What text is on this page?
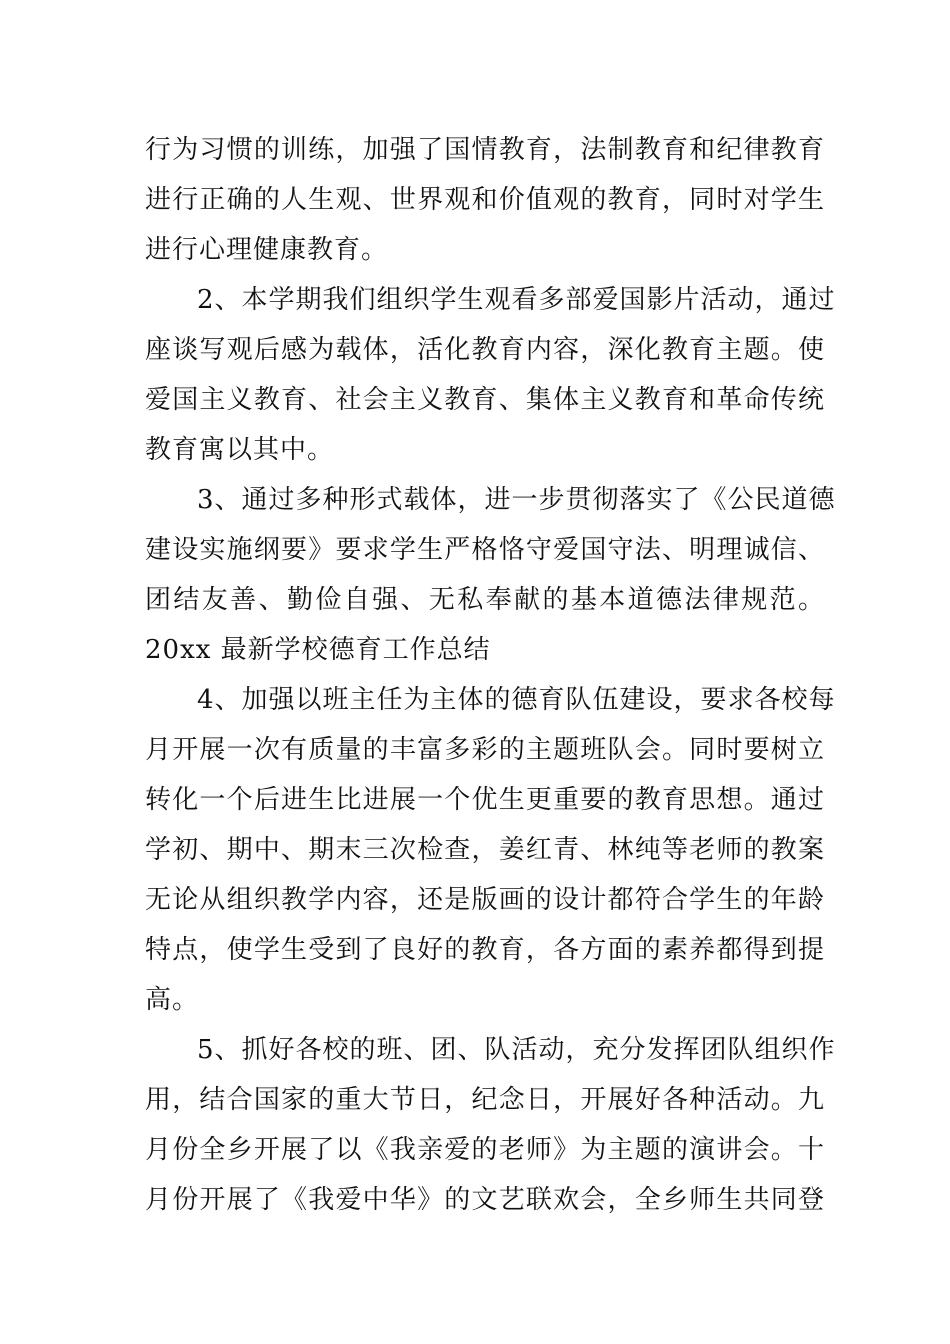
行为习惯的训练，加强了国情教育，法制教育和纪律教育
进行正确的人生观、世界观和价值观的教育，同时对学生
进行心理健康教育。
2、本学期我们组织学生观看多部爱国影片活动，通过
座谈写观后感为载体，活化教育内容，深化教育主题。使
爱国主义教育、社会主义教育、集体主义教育和革命传统
教育寓以其中。
3、通过多种形式载体，进一步贯彻落实了《公民道德
建设实施纲要》要求学生严格恪守爱国守法、明理诚信、
团结友善、勤俭自强、无私奉献的基本道德法律规范。
20xx 最新学校德育工作总结
4、加强以班主任为主体的德育队伍建设，要求各校每
月开展一次有质量的丰富多彩的主题班队会。同时要树立
转化一个后进生比进展一个优生更重要的教育思想。通过
学初、期中、期末三次检查，姜红青、林纯等老师的教案
无论从组织教学内容，还是版画的设计都符合学生的年龄
特点，使学生受到了良好的教育，各方面的素养都得到提
高。
5、抓好各校的班、团、队活动，充分发挥团队组织作
用，结合国家的重大节日，纪念日，开展好各种活动。九
月份全乡开展了以《我亲爱的老师》为主题的演讲会。十
月份开展了《我爱中华》的文艺联欢会，全乡师生共同登
